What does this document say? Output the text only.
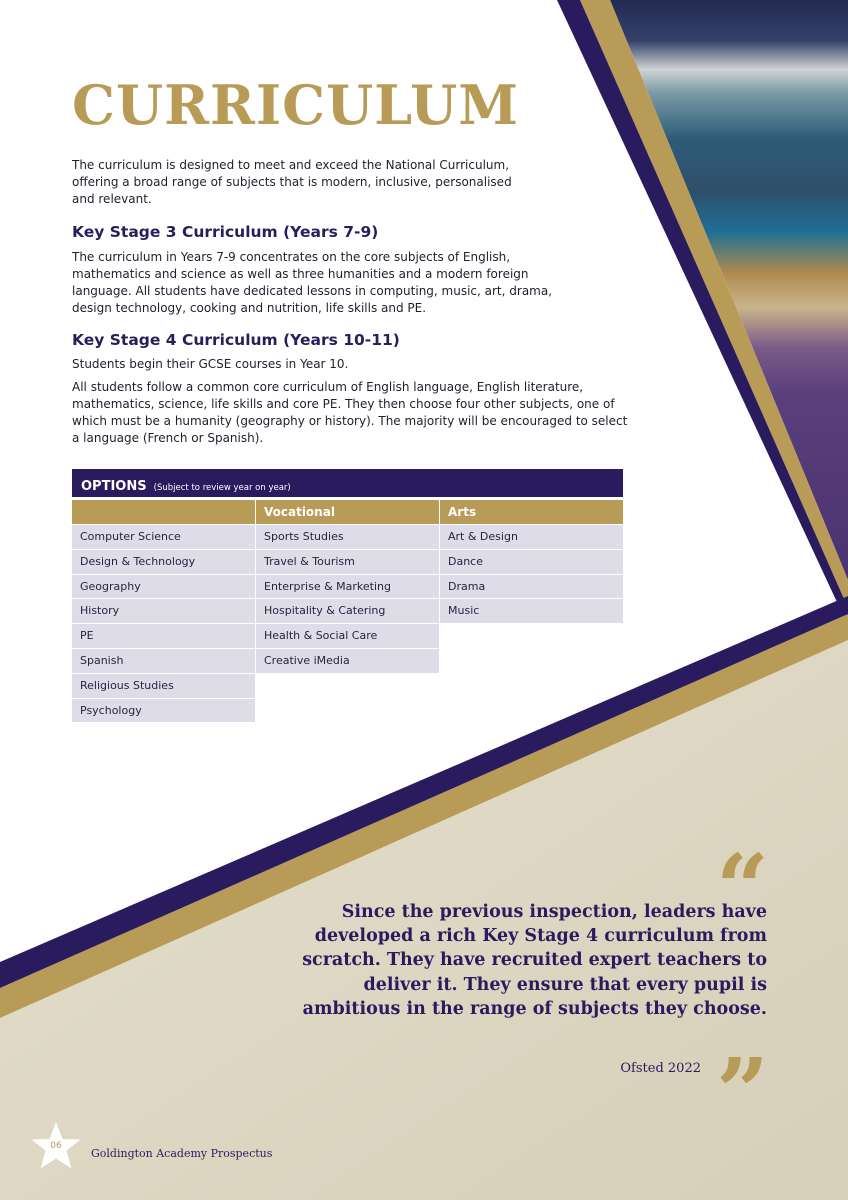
CURRICULUM

The curriculum is designed to meet and exceed the National Curriculum, offering a broad range of subjects that is modern, inclusive, personalised and relevant.

Key Stage 3 Curriculum (Years 7-9)

The curriculum in Years 7-9 concentrates on the core subjects of English, mathematics and science as well as three humanities and a modern foreign language. All students have dedicated lessons in computing, music, art, drama, design technology, cooking and nutrition, life skills and PE.

Key Stage 4 Curriculum (Years 10-11)

Students begin their GCSE courses in Year 10.

All students follow a common core curriculum of English language, English literature, mathematics, science, life skills and core PE. They then choose four other subjects, one of which must be a humanity (geography or history). The majority will be encouraged to select a language (French or Spanish).

OPTIONS (Subject to review year on year)
Computer Science
Design & Technology
Geography
History
PE
Spanish
Religious Studies
Psychology
Vocational
Sports Studies
Travel & Tourism
Enterprise & Marketing
Hospitality & Catering
Health & Social Care
Creative iMedia
Arts
Art & Design
Dance
Drama
Music
“
Since the previous inspection, leaders have developed a rich Key Stage 4 curriculum from scratch. They have recruited expert teachers to deliver it. They ensure that every pupil is ambitious in the range of subjects they choose.
Ofsted 2022 ”
06
Goldington Academy Prospectus
